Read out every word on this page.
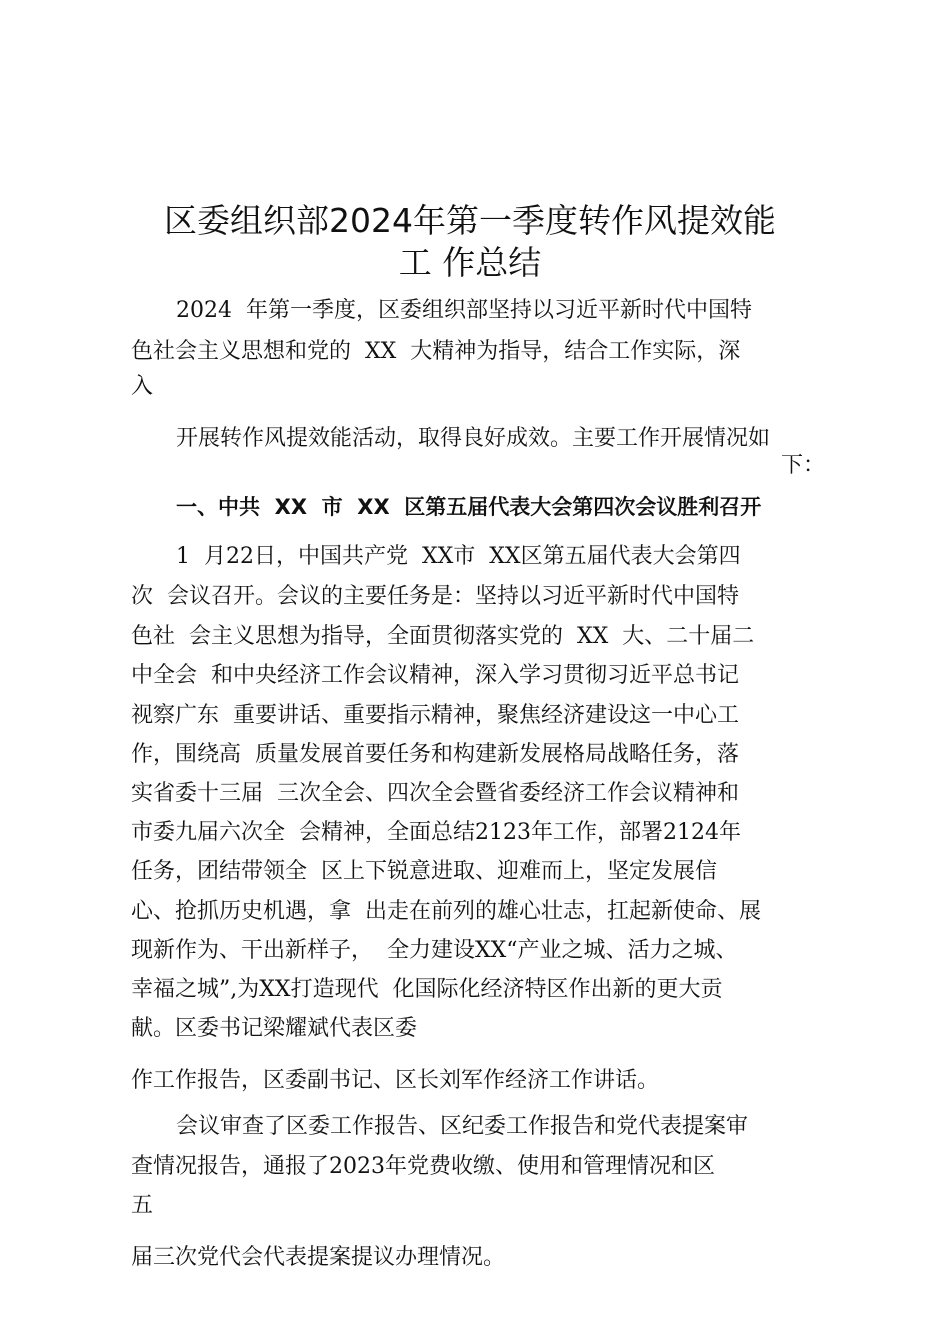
区委组织部2024年第一季度转作风提效能
工 作总结
2024  年第一季度，区委组织部坚持以习近平新时代中国特
色社会主义思想和党的  XX  大精神为指导，结合工作实际，深
入
开展转作风提效能活动，取得良好成效。主要工作开展情况如
下：
一、中共  XX  市  XX  区第五届代表大会第四次会议胜利召开
1  月22日，中国共产党  XX市  XX区第五届代表大会第四
次  会议召开。会议的主要任务是：坚持以习近平新时代中国特
色社  会主义思想为指导，全面贯彻落实党的  XX  大、二十届二
中全会  和中央经济工作会议精神，深入学习贯彻习近平总书记
视察广东  重要讲话、重要指示精神，聚焦经济建设这一中心工
作，围绕高  质量发展首要任务和构建新发展格局战略任务，落
实省委十三届  三次全会、四次全会暨省委经济工作会议精神和
市委九届六次全  会精神，全面总结2123年工作，部署2124年
任务，团结带领全  区上下锐意进取、迎难而上，坚定发展信
心、抢抓历史机遇，拿  出走在前列的雄心壮志，扛起新使命、展
现新作为、干出新样子，  全力建设XX“产业之城、活力之城、
幸福之城”,为XX打造现代  化国际化经济特区作出新的更大贡
献。区委书记梁耀斌代表区委
作工作报告，区委副书记、区长刘军作经济工作讲话。
会议审查了区委工作报告、区纪委工作报告和党代表提案审
查情况报告，通报了2023年党费收缴、使用和管理情况和区
五
届三次党代会代表提案提议办理情况。
